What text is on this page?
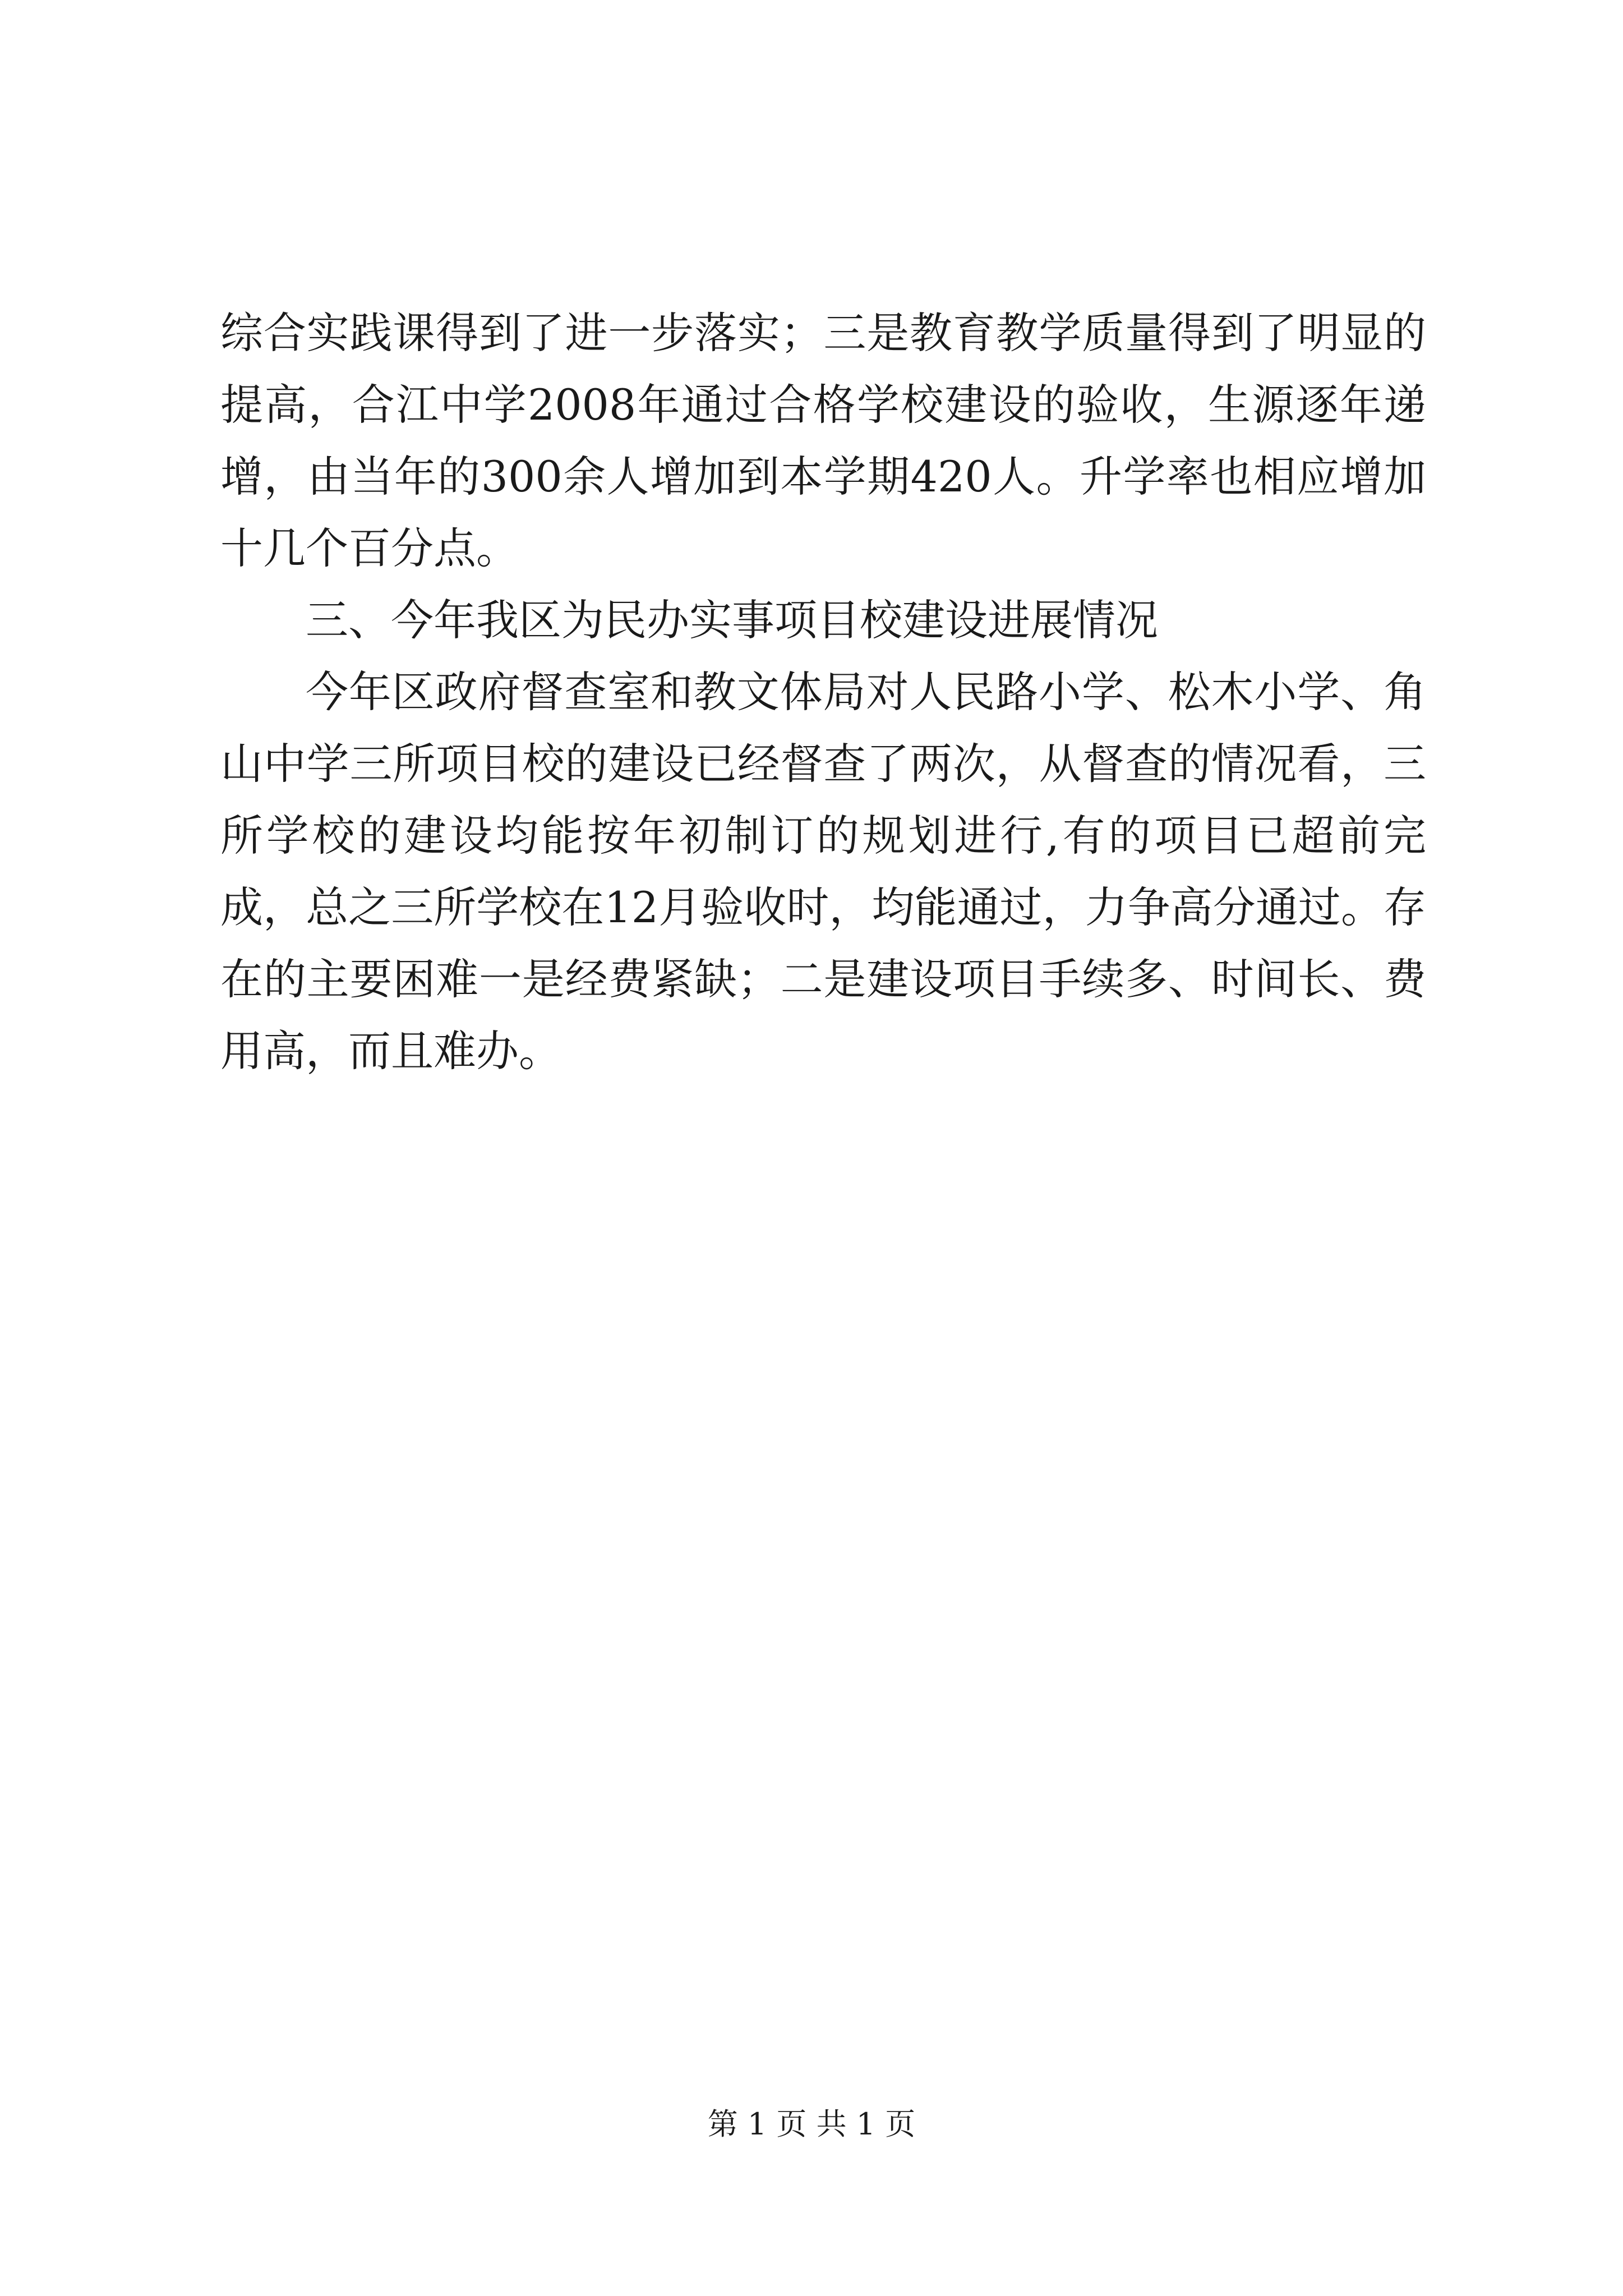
综合实践课得到了进一步落实；三是教育教学质量得到了明显的提高，合江中学2008年通过合格学校建设的验收，生源逐年递增，由当年的300余人增加到本学期420人。升学率也相应增加十几个百分点。

三、今年我区为民办实事项目校建设进展情况

今年区政府督查室和教文体局对人民路小学、松木小学、角山中学三所项目校的建设已经督查了两次，从督查的情况看，三所学校的建设均能按年初制订的规划进行,有的项目已超前完成，总之三所学校在12月验收时，均能通过，力争高分通过。存在的主要困难一是经费紧缺；二是建设项目手续多、时间长、费用高，而且难办。

第 1 页 共 1 页
